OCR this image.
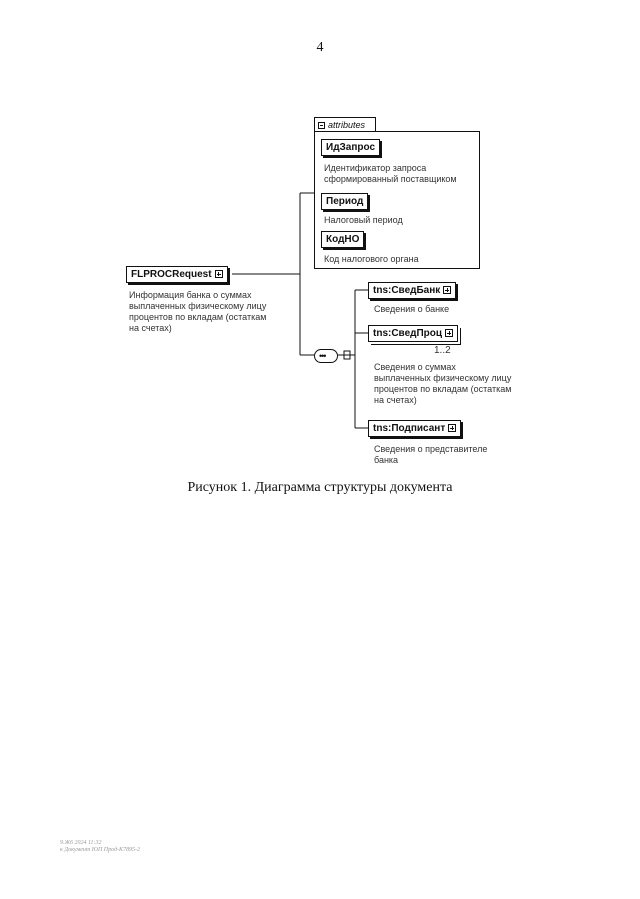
4
attributes
ИдЗапрос
Идентификатор запроса
сформированный поставщиком
Период
Налоговый период
КодНО
Код налогового органа
FLPROCRequest
Информация банка о суммах
выплаченных физическому лицу
процентов по вкладам (остаткам
на счетах)
•••
tns:СведБанк
Сведения о банке
tns:СведПроц
1..2
Сведения о суммах
выплаченных физическому лицу
процентов по вкладам (остаткам
на счетах)
tns:Подписант
Сведения о представителе
банка
Рисунок 1. Диаграмма структуры документа
9.Ж6 2024 11:32
к Документ ЮП Прод-К7895-2
